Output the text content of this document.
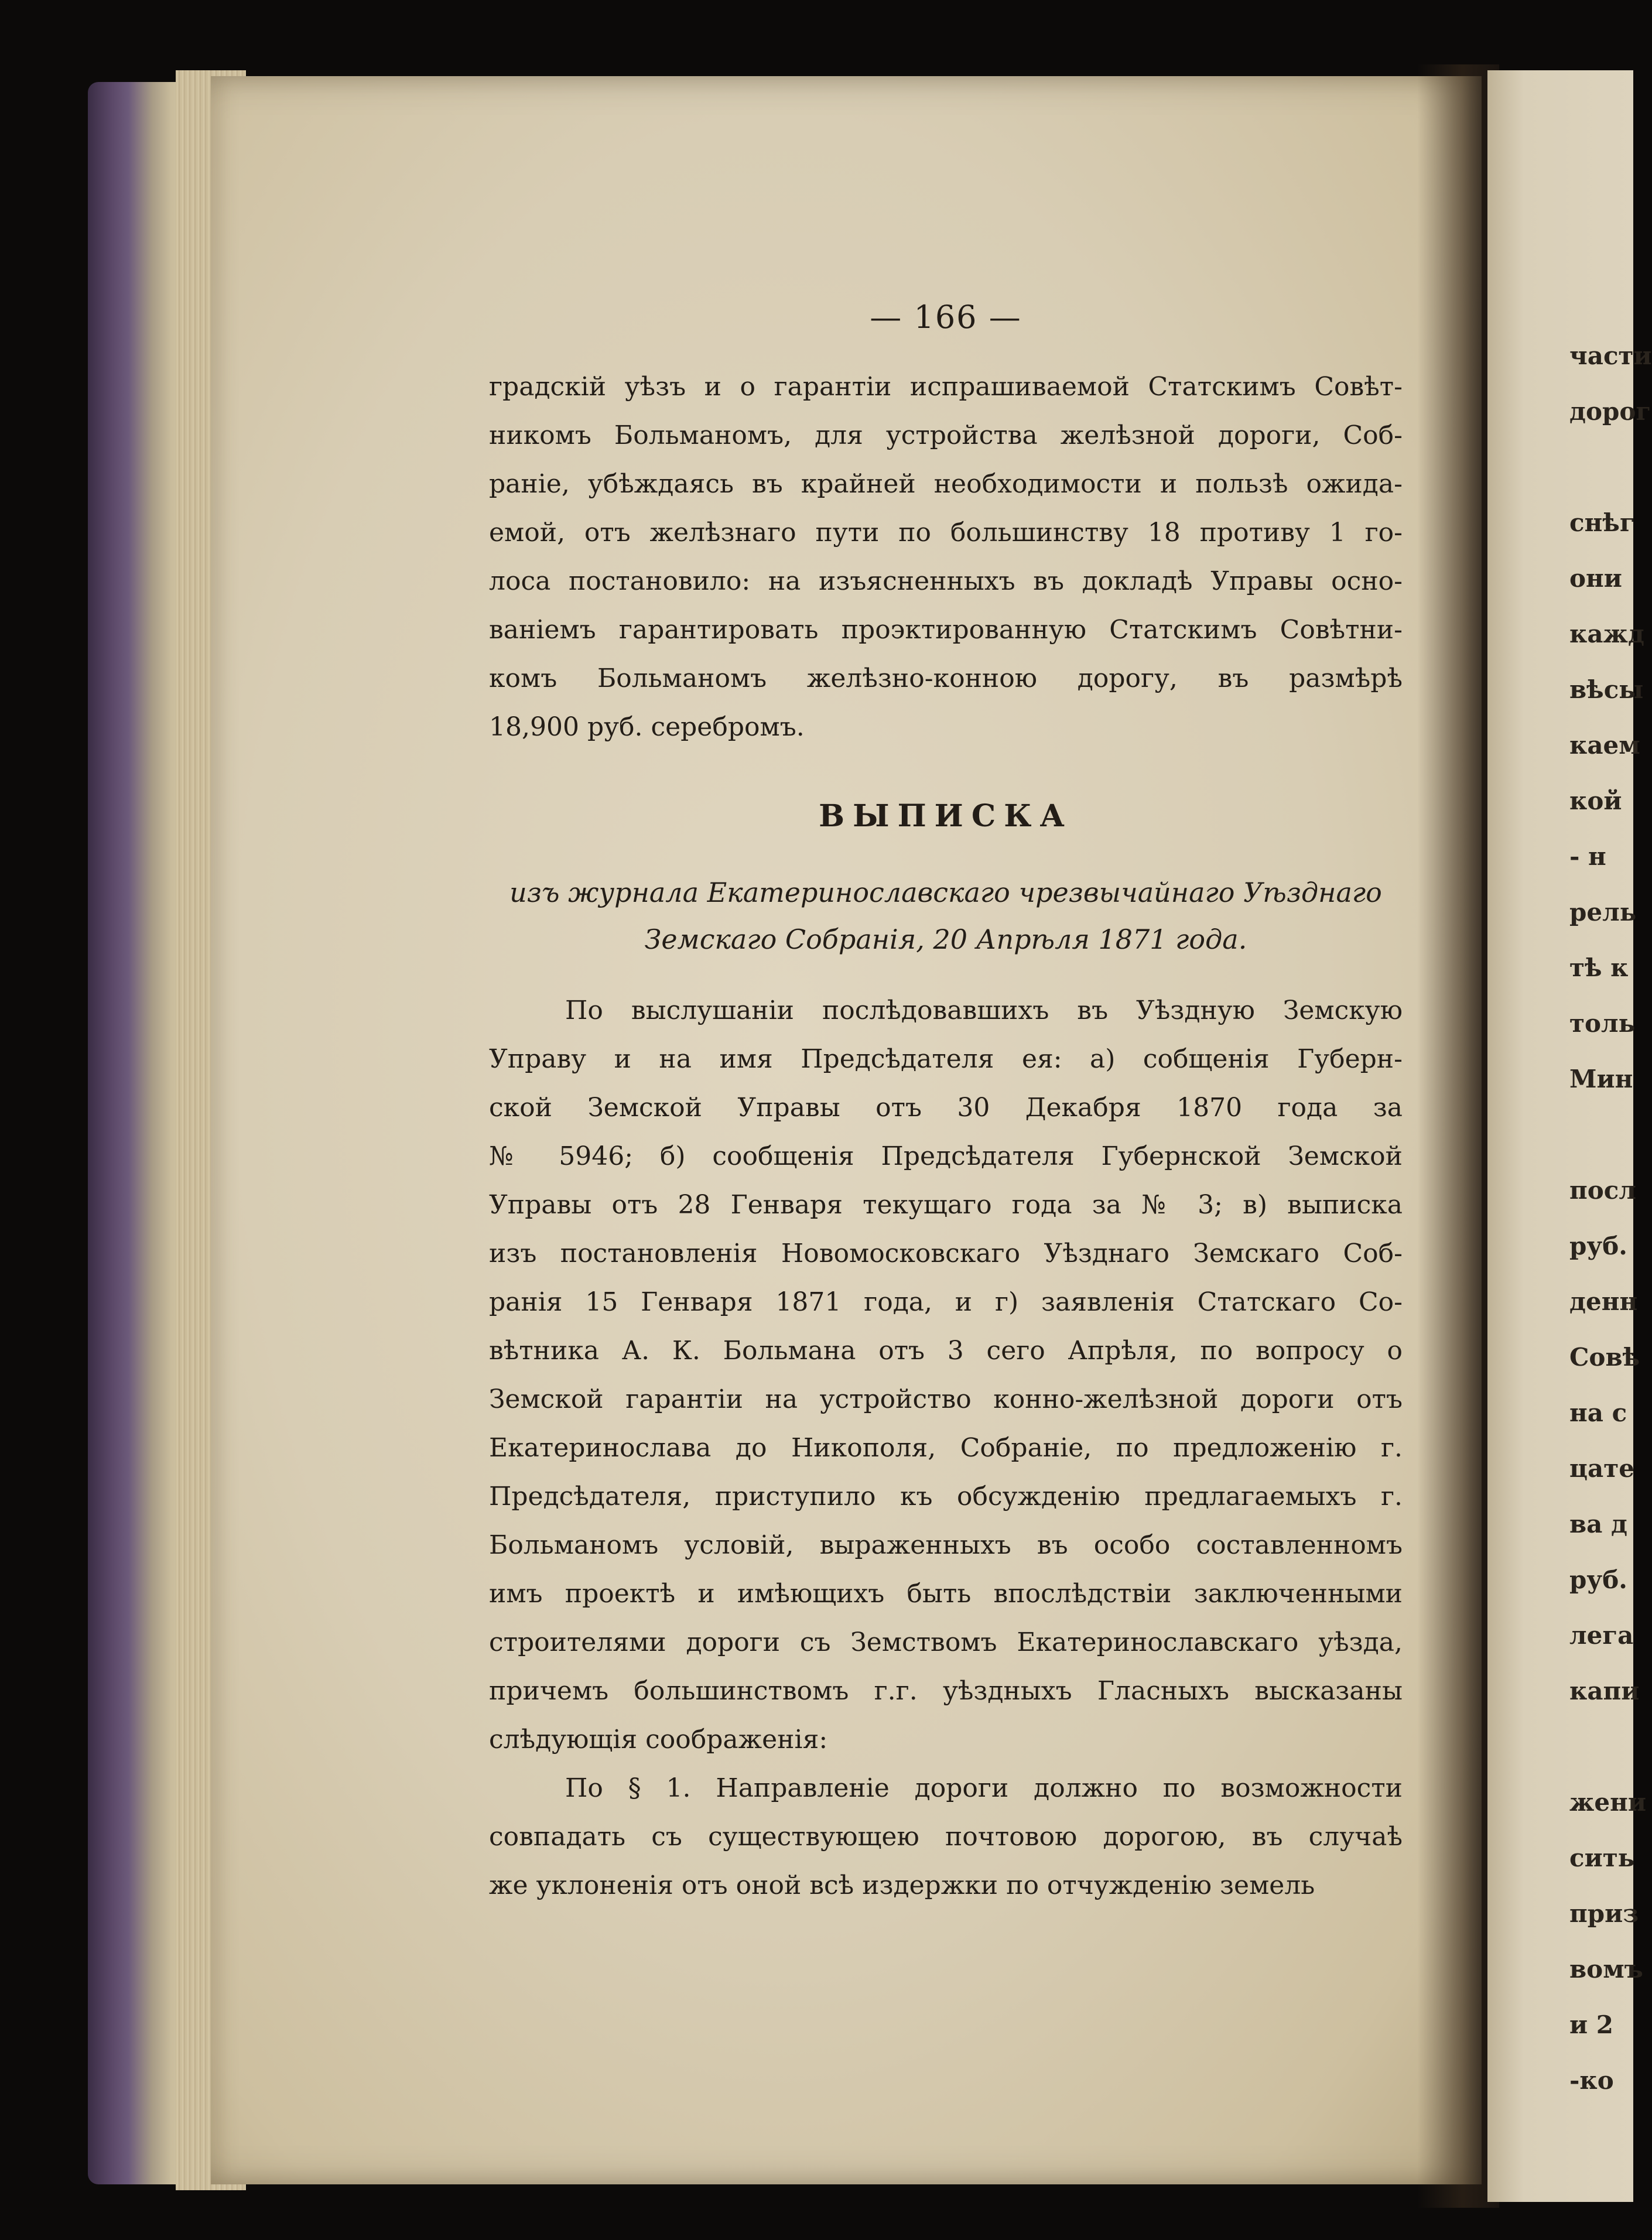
части
дорог
снѣг
они
кажд
вѣсы
каем
кой
- н
рель
тѣ к
толь
Мин
посл
руб.
денн
Совѣ
на с
цате
ва д
руб.
лега
капи
жени
сить
приз
вомъ
и 2
-ко
— 166 —
градскій уѣзъ и о гарантіи испрашиваемой Статскимъ Совѣт-
никомъ Больманомъ, для устройства желѣзной дороги, Соб-
раніе, убѣждаясь въ крайней необходимости и пользѣ ожида-
емой, отъ желѣзнаго пути по большинству 18 противу 1 го-
лоса постановило: на изъясненныхъ въ докладѣ Управы осно-
ваніемъ гарантировать проэктированную Статскимъ Совѣтни-
комъ Больманомъ желѣзно-конною дорогу, въ размѣрѣ
18,900 руб. серебромъ.
ВЫПИСКА
изъ журнала Екатеринославскаго чрезвычайнаго Уѣзднаго
Земскаго Собранія, 20 Апрѣля 1871 года.
По выслушаніи послѣдовавшихъ въ Уѣздную Земскую
Управу и на имя Предсѣдателя ея: а) собщенія Губерн-
ской Земской Управы отъ 30 Декабря 1870 года за
№ 5946; б) сообщенія Предсѣдателя Губернской Земской
Управы отъ 28 Генваря текущаго года за № 3; в) выписка
изъ постановленія Новомосковскаго Уѣзднаго Земскаго Соб-
ранія 15 Генваря 1871 года, и г) заявленія Статскаго Со-
вѣтника А. К. Больмана отъ 3 сего Апрѣля, по вопросу о
Земской гарантіи на устройство конно-желѣзной дороги отъ
Екатеринослава до Никополя, Собраніе, по предложенію г.
Предсѣдателя, приступило къ обсужденію предлагаемыхъ г.
Больманомъ условій, выраженныхъ въ особо составленномъ
имъ проектѣ и имѣющихъ быть впослѣдствіи заключенными
строителями дороги съ Земствомъ Екатеринославскаго уѣзда,
причемъ большинствомъ г.г. уѣздныхъ Гласныхъ высказаны
слѣдующія соображенія:
По § 1. Направленіе дороги должно по возможности
совпадать съ существующею почтовою дорогою, въ случаѣ
же уклоненія отъ оной всѣ издержки по отчужденію земель
